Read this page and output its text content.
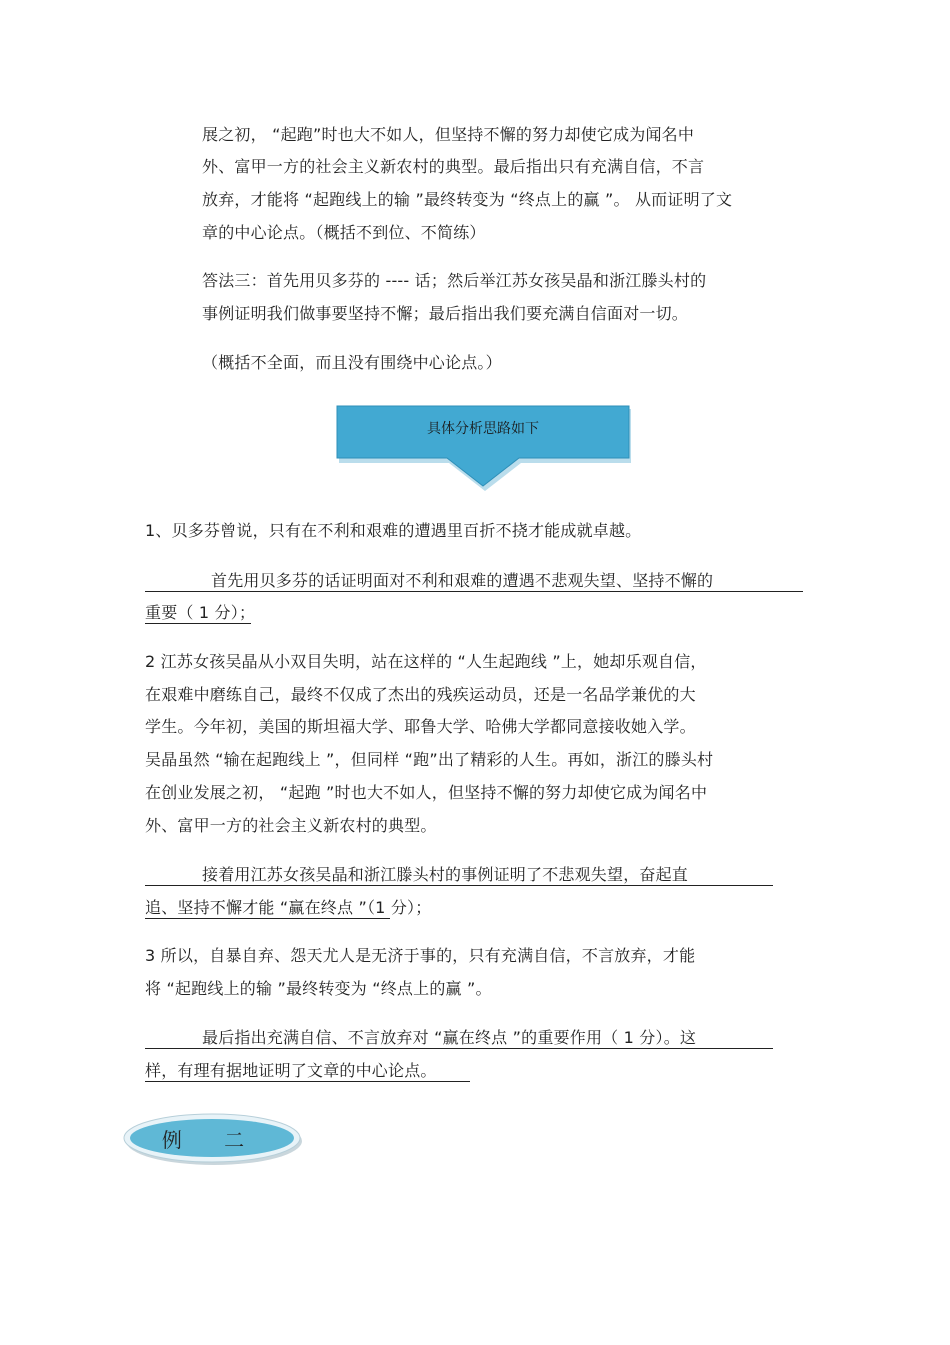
展之初， “起跑”时也大不如人，但坚持不懈的努力却使它成为闻名中
外、富甲一方的社会主义新农村的典型。最后指出只有充满自信，不言
放弃，才能将 “起跑线上的输 ”最终转变为 “终点上的赢 ”。 从而证明了文
章的中心论点。（概括不到位、不简练）
答法三：首先用贝多芬的 ---- 话；然后举江苏女孩吴晶和浙江滕头村的
事例证明我们做事要坚持不懈；最后指出我们要充满自信面对一切。
（概括不全面，而且没有围绕中心论点。）
具体分析思路如下
1、贝多芬曾说，只有在不利和艰难的遭遇里百折不挠才能成就卓越。
首先用贝多芬的话证明面对不利和艰难的遭遇不悲观失望、坚持不懈的
重要（ 1 分）；
2 江苏女孩吴晶从小双目失明，站在这样的 “人生起跑线 ”上，她却乐观自信，
在艰难中磨练自己，最终不仅成了杰出的残疾运动员，还是一名品学兼优的大
学生。今年初，美国的斯坦福大学、耶鲁大学、哈佛大学都同意接收她入学。
吴晶虽然 “输在起跑线上 ”，但同样 “跑”出了精彩的人生。再如，浙江的滕头村
在创业发展之初， “起跑 ”时也大不如人，但坚持不懈的努力却使它成为闻名中
外、富甲一方的社会主义新农村的典型。
接着用江苏女孩吴晶和浙江滕头村的事例证明了不悲观失望，奋起直
追、坚持不懈才能 “赢在终点 ”（1 分）；
3 所以，自暴自弃、怨天尤人是无济于事的，只有充满自信，不言放弃，才能
将 “起跑线上的输 ”最终转变为 “终点上的赢 ”。
最后指出充满自信、不言放弃对 “赢在终点 ”的重要作用（ 1 分）。这
样，有理有据地证明了文章的中心论点。
例 二
